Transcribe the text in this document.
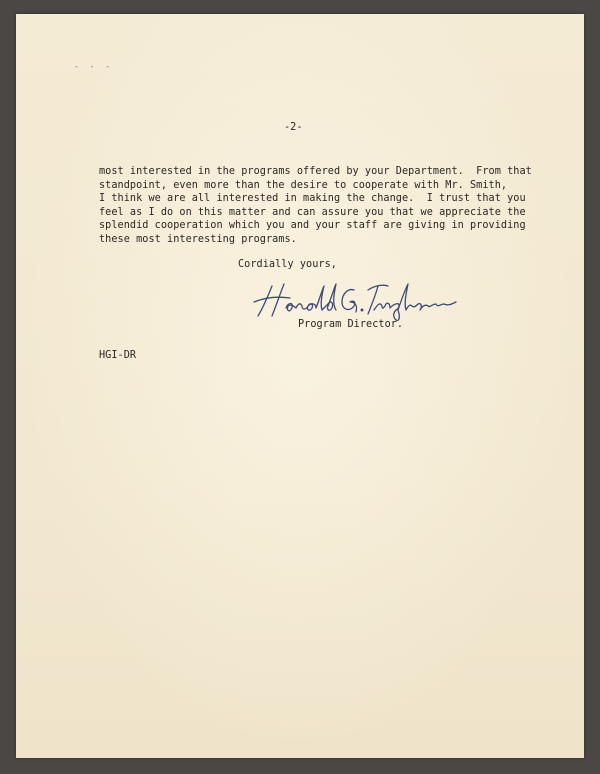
- - -

-2-

most interested in the programs offered by your Department.  From that
standpoint, even more than the desire to cooperate with Mr. Smith,
I think we are all interested in making the change.  I trust that you
feel as I do on this matter and can assure you that we appreciate the
splendid cooperation which you and your staff are giving in providing
these most interesting programs.

Cordially yours,

Program Director.

HGI-DR
